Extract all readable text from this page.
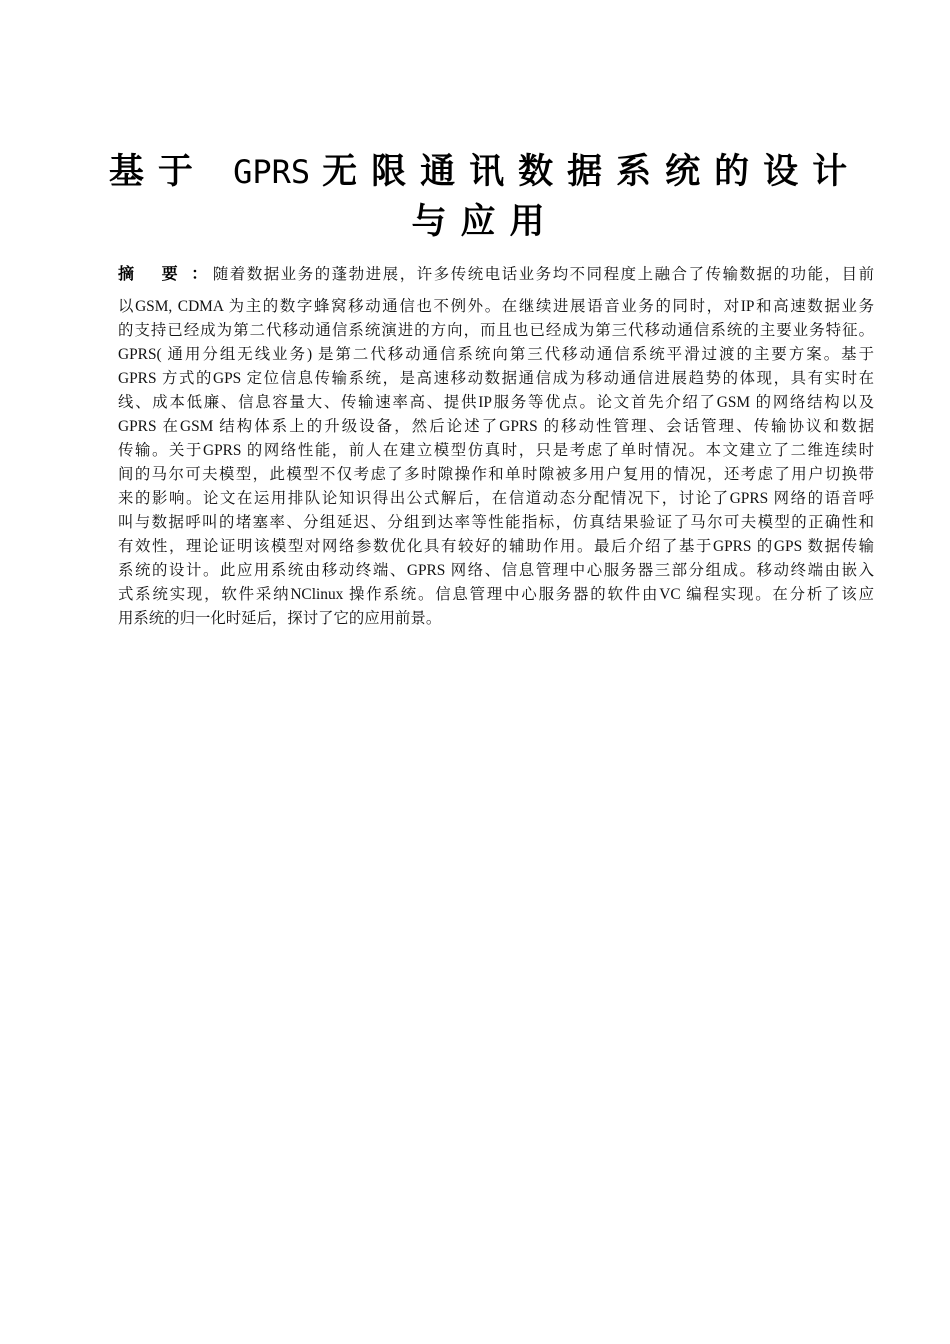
基于 GPRS 无限通讯数据系统的设计
与应用
摘 要 ： 随着数据业务的蓬勃进展，许多传统电话业务均不同程度上融合了传输数据的功能，目前
以GSM, CDMA 为主的数字蜂窝移动通信也不例外。在继续进展语音业务的同时，对IP和高速数据业务
的支持已经成为第二代移动通信系统演进的方向，而且也已经成为第三代移动通信系统的主要业务特征。
GPRS( 通用分组无线业务) 是第二代移动通信系统向第三代移动通信系统平滑过渡的主要方案。基于
GPRS 方式的GPS 定位信息传输系统，是高速移动数据通信成为移动通信进展趋势的体现，具有实时在
线、成本低廉、信息容量大、传输速率高、提供IP服务等优点。论文首先介绍了GSM 的网络结构以及
GPRS 在GSM 结构体系上的升级设备，然后论述了GPRS 的移动性管理、会话管理、传输协议和数据
传输。关于GPRS 的网络性能，前人在建立模型仿真时，只是考虑了单时情况。本文建立了二维连续时
间的马尔可夫模型，此模型不仅考虑了多时隙操作和单时隙被多用户复用的情况，还考虑了用户切换带
来的影响。论文在运用排队论知识得出公式解后，在信道动态分配情况下，讨论了GPRS 网络的语音呼
叫与数据呼叫的堵塞率、分组延迟、分组到达率等性能指标，仿真结果验证了马尔可夫模型的正确性和
有效性，理论证明该模型对网络参数优化具有较好的辅助作用。最后介绍了基于GPRS 的GPS 数据传输
系统的设计。此应用系统由移动终端、GPRS 网络、信息管理中心服务器三部分组成。移动终端由嵌入
式系统实现，软件采纳NClinux 操作系统。信息管理中心服务器的软件由VC 编程实现。在分析了该应
用系统的归一化时延后，探讨了它的应用前景。
